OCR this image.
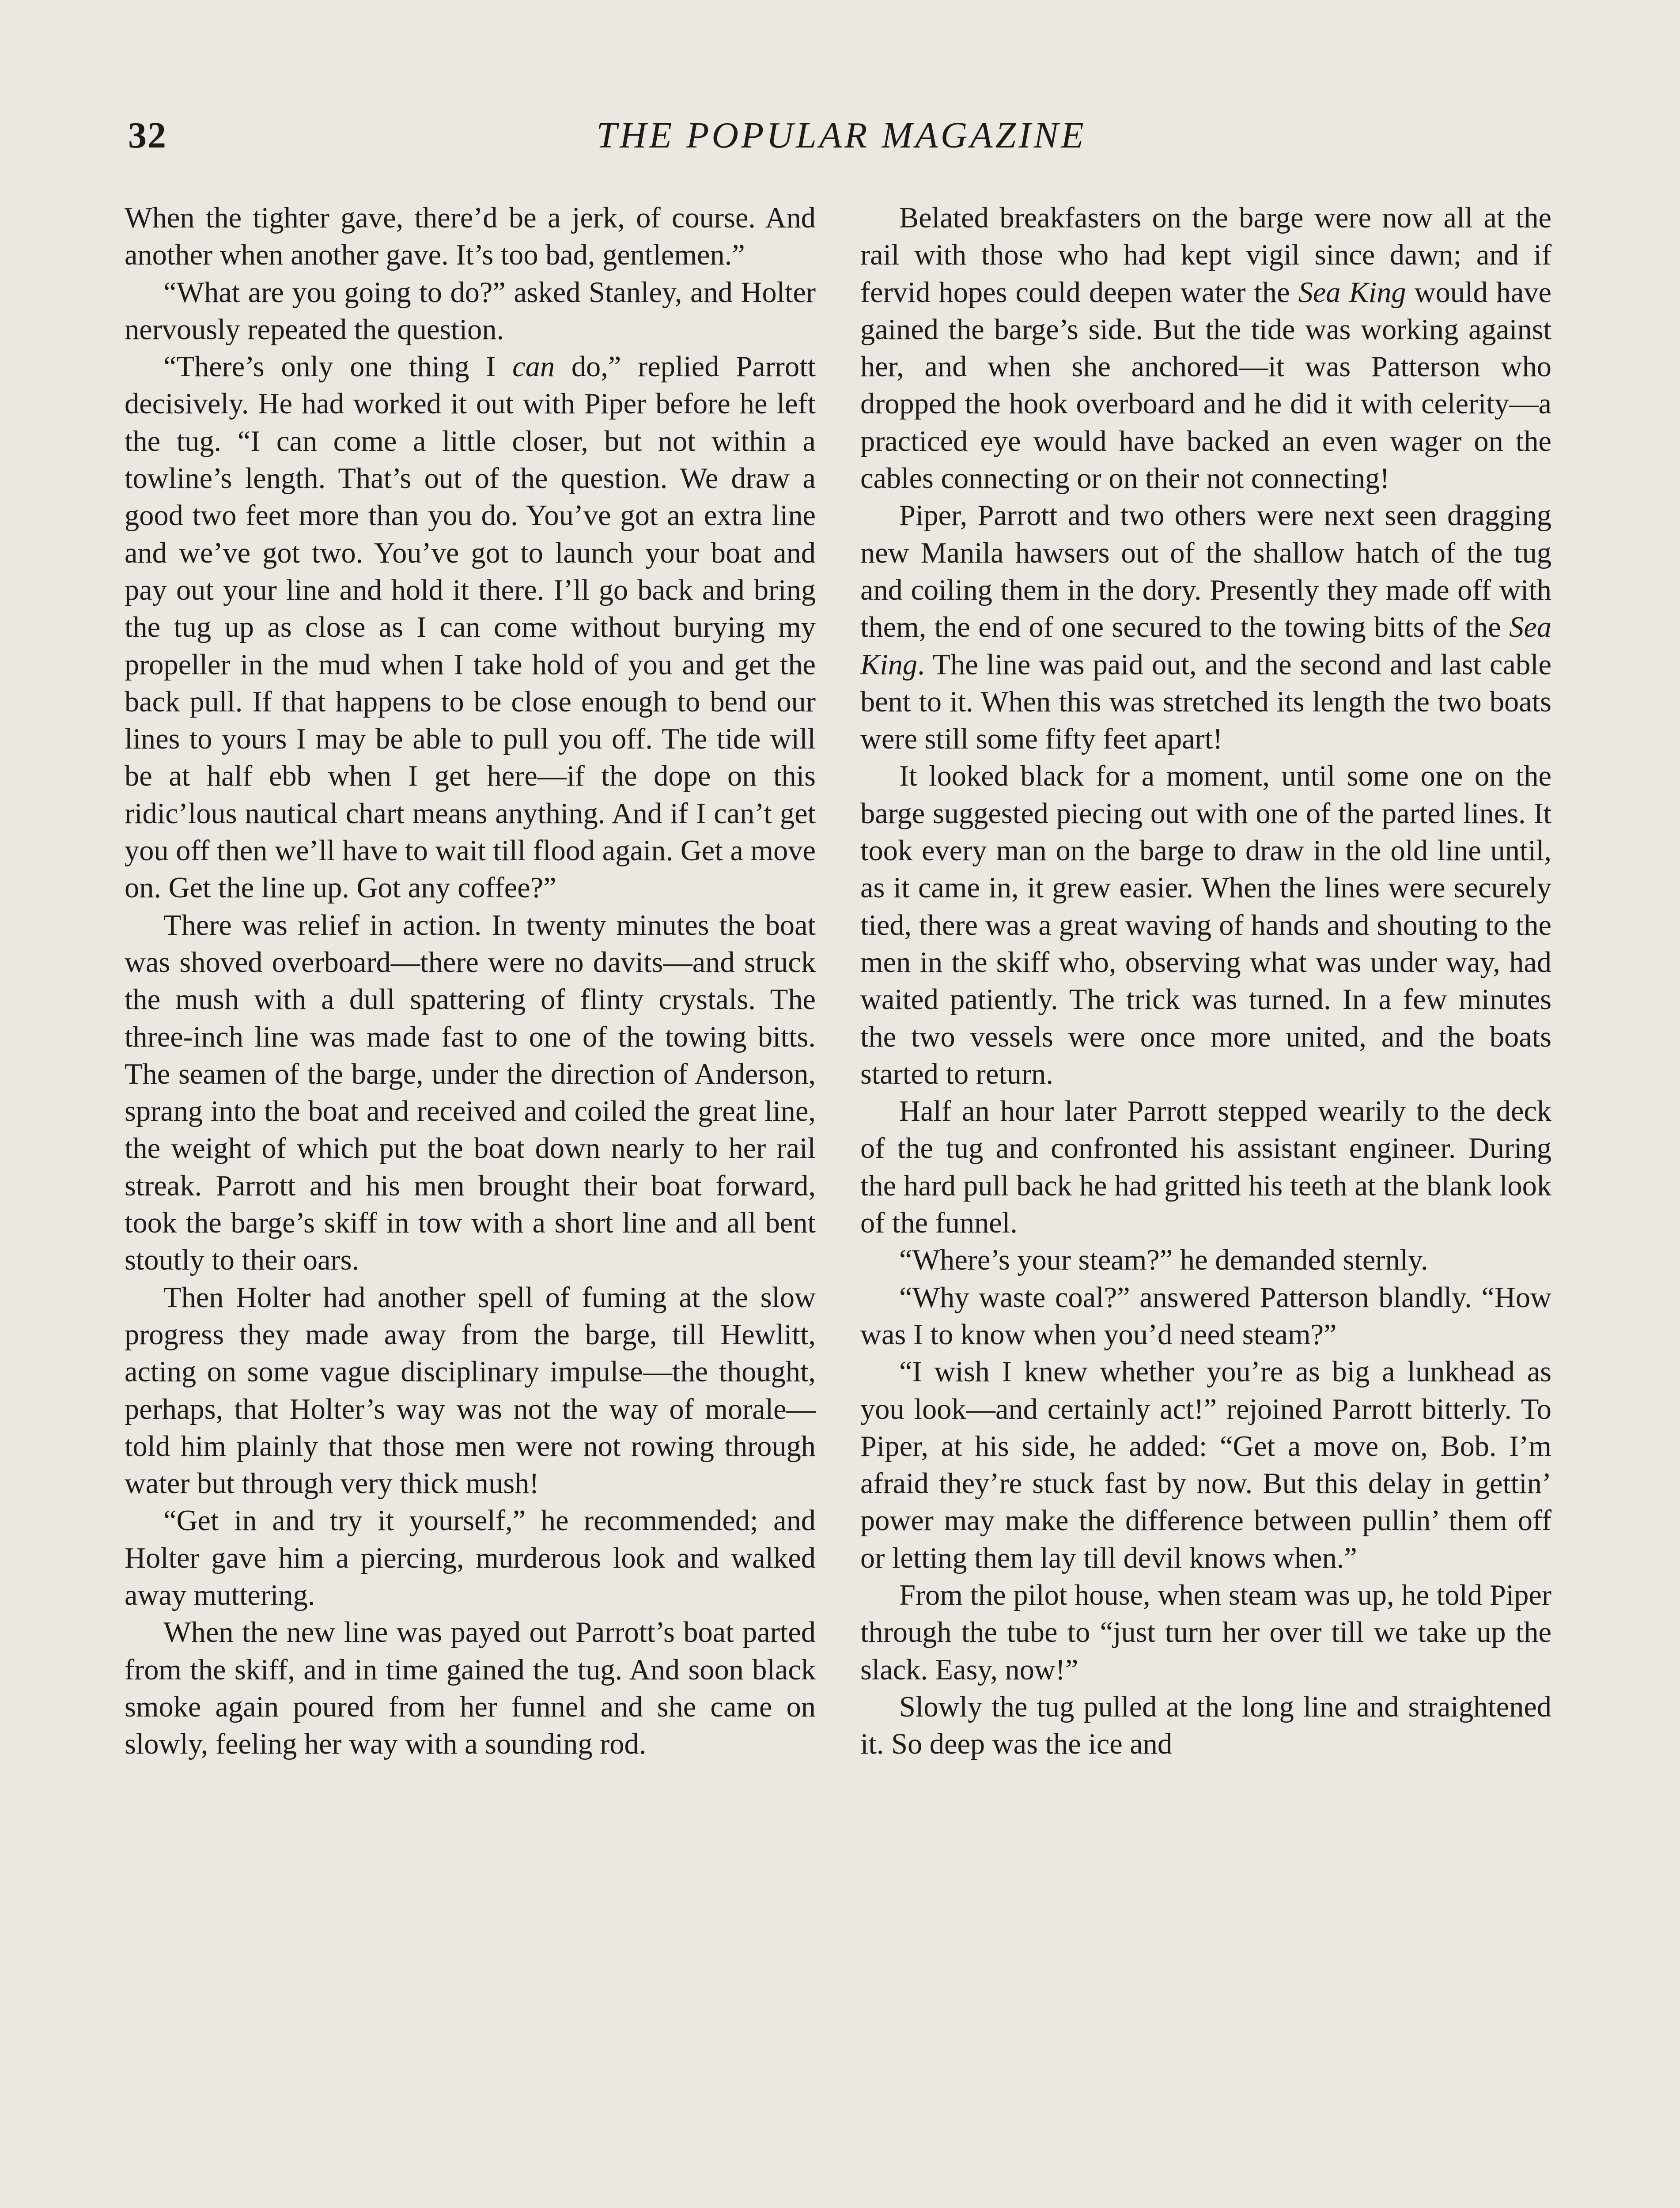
32	THE POPULAR MAGAZINE

When the tighter gave, there’d be a jerk, of course. And another when another gave. It’s too bad, gentlemen.”

“What are you going to do?” asked Stanley, and Holter nervously repeated the question.

“There’s only one thing I can do,” replied Parrott decisively. He had worked it out with Piper before he left the tug. “I can come a little closer, but not within a towline’s length. That’s out of the question. We draw a good two feet more than you do. You’ve got an extra line and we’ve got two. You’ve got to launch your boat and pay out your line and hold it there. I’ll go back and bring the tug up as close as I can come without burying my propeller in the mud when I take hold of you and get the back pull. If that happens to be close enough to bend our lines to yours I may be able to pull you off. The tide will be at half ebb when I get here—if the dope on this ridic’lous nautical chart means anything. And if I can’t get you off then we’ll have to wait till flood again. Get a move on. Get the line up. Got any coffee?”

There was relief in action. In twenty minutes the boat was shoved overboard—there were no davits—and struck the mush with a dull spattering of flinty crystals. The three-inch line was made fast to one of the towing bitts. The seamen of the barge, under the direction of Anderson, sprang into the boat and received and coiled the great line, the weight of which put the boat down nearly to her rail streak. Parrott and his men brought their boat forward, took the barge’s skiff in tow with a short line and all bent stoutly to their oars.

Then Holter had another spell of fuming at the slow progress they made away from the barge, till Hewlitt, acting on some vague disciplinary impulse—the thought, perhaps, that Holter’s way was not the way of morale—told him plainly that those men were not rowing through water but through very thick mush!

“Get in and try it yourself,” he recommended; and Holter gave him a piercing, murderous look and walked away muttering.

When the new line was payed out Parrott’s boat parted from the skiff, and in time gained the tug. And soon black smoke again poured from her funnel and she came on slowly, feeling her way with a sounding rod.

Belated breakfasters on the barge were now all at the rail with those who had kept vigil since dawn; and if fervid hopes could deepen water the Sea King would have gained the barge’s side. But the tide was working against her, and when she anchored—it was Patterson who dropped the hook overboard and he did it with celerity—a practiced eye would have backed an even wager on the cables connecting or on their not connecting!

Piper, Parrott and two others were next seen dragging new Manila hawsers out of the shallow hatch of the tug and coiling them in the dory. Presently they made off with them, the end of one secured to the towing bitts of the Sea King. The line was paid out, and the second and last cable bent to it. When this was stretched its length the two boats were still some fifty feet apart!

It looked black for a moment, until some one on the barge suggested piecing out with one of the parted lines. It took every man on the barge to draw in the old line until, as it came in, it grew easier. When the lines were securely tied, there was a great waving of hands and shouting to the men in the skiff who, observing what was under way, had waited patiently. The trick was turned. In a few minutes the two vessels were once more united, and the boats started to return.

Half an hour later Parrott stepped wearily to the deck of the tug and confronted his assistant engineer. During the hard pull back he had gritted his teeth at the blank look of the funnel.

“Where’s your steam?” he demanded sternly.

“Why waste coal?” answered Patterson blandly. “How was I to know when you’d need steam?”

“I wish I knew whether you’re as big a lunkhead as you look—and certainly act!” rejoined Parrott bitterly. To Piper, at his side, he added: “Get a move on, Bob. I’m afraid they’re stuck fast by now. But this delay in gettin’ power may make the difference between pullin’ them off or letting them lay till devil knows when.”

From the pilot house, when steam was up, he told Piper through the tube to “just turn her over till we take up the slack. Easy, now!”

Slowly the tug pulled at the long line and straightened it. So deep was the ice and
